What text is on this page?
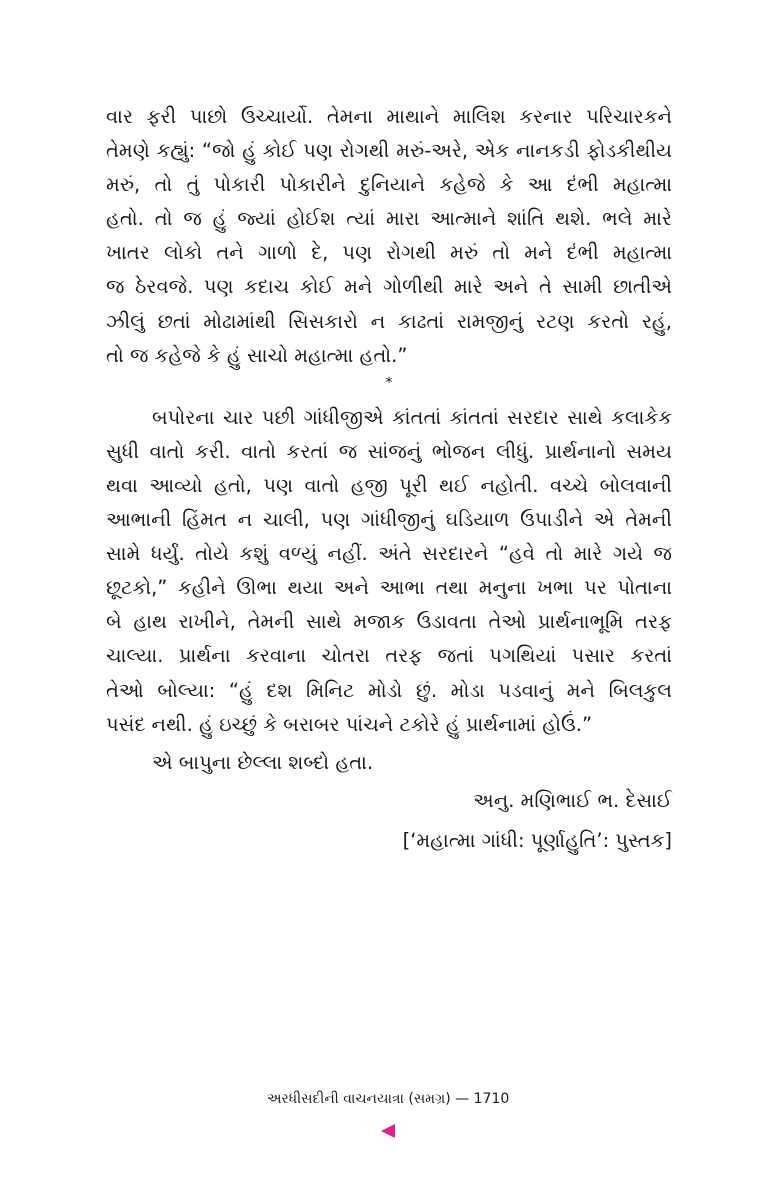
વાર ફરી પાછો ઉચ્ચાર્યો. તેમના માથાને માલિશ કરનાર પરિચારકને
તેમણે કહ્યું: “જો હું કોઈ પણ રોગથી મરું-અરે, એક નાનકડી ફોડકીથીય
મરું, તો તું પોકારી પોકારીને દુનિયાને કહેજે કે આ દંભી મહાત્મા
હતો. તો જ હું જ્યાં હોઈશ ત્યાં મારા આત્માને શાંતિ થશે. ભલે મારે
ખાતર લોકો તને ગાળો દે, પણ રોગથી મરું તો મને દંભી મહાત્મા
જ ઠેરવજે. પણ કદાચ કોઈ મને ગોળીથી મારે અને તે સામી છાતીએ
ઝીલું છતાં મોઢામાંથી સિસકારો ન કાઢતાં રામજીનું રટણ કરતો રહું,
તો જ કહેજે કે હું સાચો મહાત્મા હતો.”
*
બપોરના ચાર પછી ગાંધીજીએ કાંતતાં કાંતતાં સરદાર સાથે કલાકેક
સુધી વાતો કરી. વાતો કરતાં જ સાંજનું ભોજન લીધું. પ્રાર્થનાનો સમય
થવા આવ્યો હતો, પણ વાતો હજી પૂરી થઈ નહોતી. વચ્ચે બોલવાની
આભાની હિંમત ન ચાલી, પણ ગાંધીજીનું ઘડિયાળ ઉપાડીને એ તેમની
સામે ધર્યું. તોયે કશું વળ્યું નહીં. અંતે સરદારને “હવે તો મારે ગયે જ
છૂટકો,” કહીને ઊભા થયા અને આભા તથા મનુના ખભા પર પોતાના
બે હાથ રાખીને, તેમની સાથે મજાક ઉડાવતા તેઓ પ્રાર્થનાભૂમિ તરફ
ચાલ્યા. પ્રાર્થના કરવાના ચોતરા તરફ જતાં પગથિયાં પસાર કરતાં
તેઓ બોલ્યા: “હું દશ મિનિટ મોડો છું. મોડા પડવાનું મને બિલકુલ
પસંદ નથી. હું ઇચ્છું કે બરાબર પાંચને ટકોરે હું પ્રાર્થનામાં હોઉં.”

એ બાપુના છેલ્લા શબ્દો હતા.

અનુ. મણિભાઈ ભ. દેસાઈ
[‘મહાત્મા ગાંધી: પૂર્ણાહુતિ’: પુસ્તક]
અરધીસદીની વાચનયાત્રા (સમગ્ર) — 1710
